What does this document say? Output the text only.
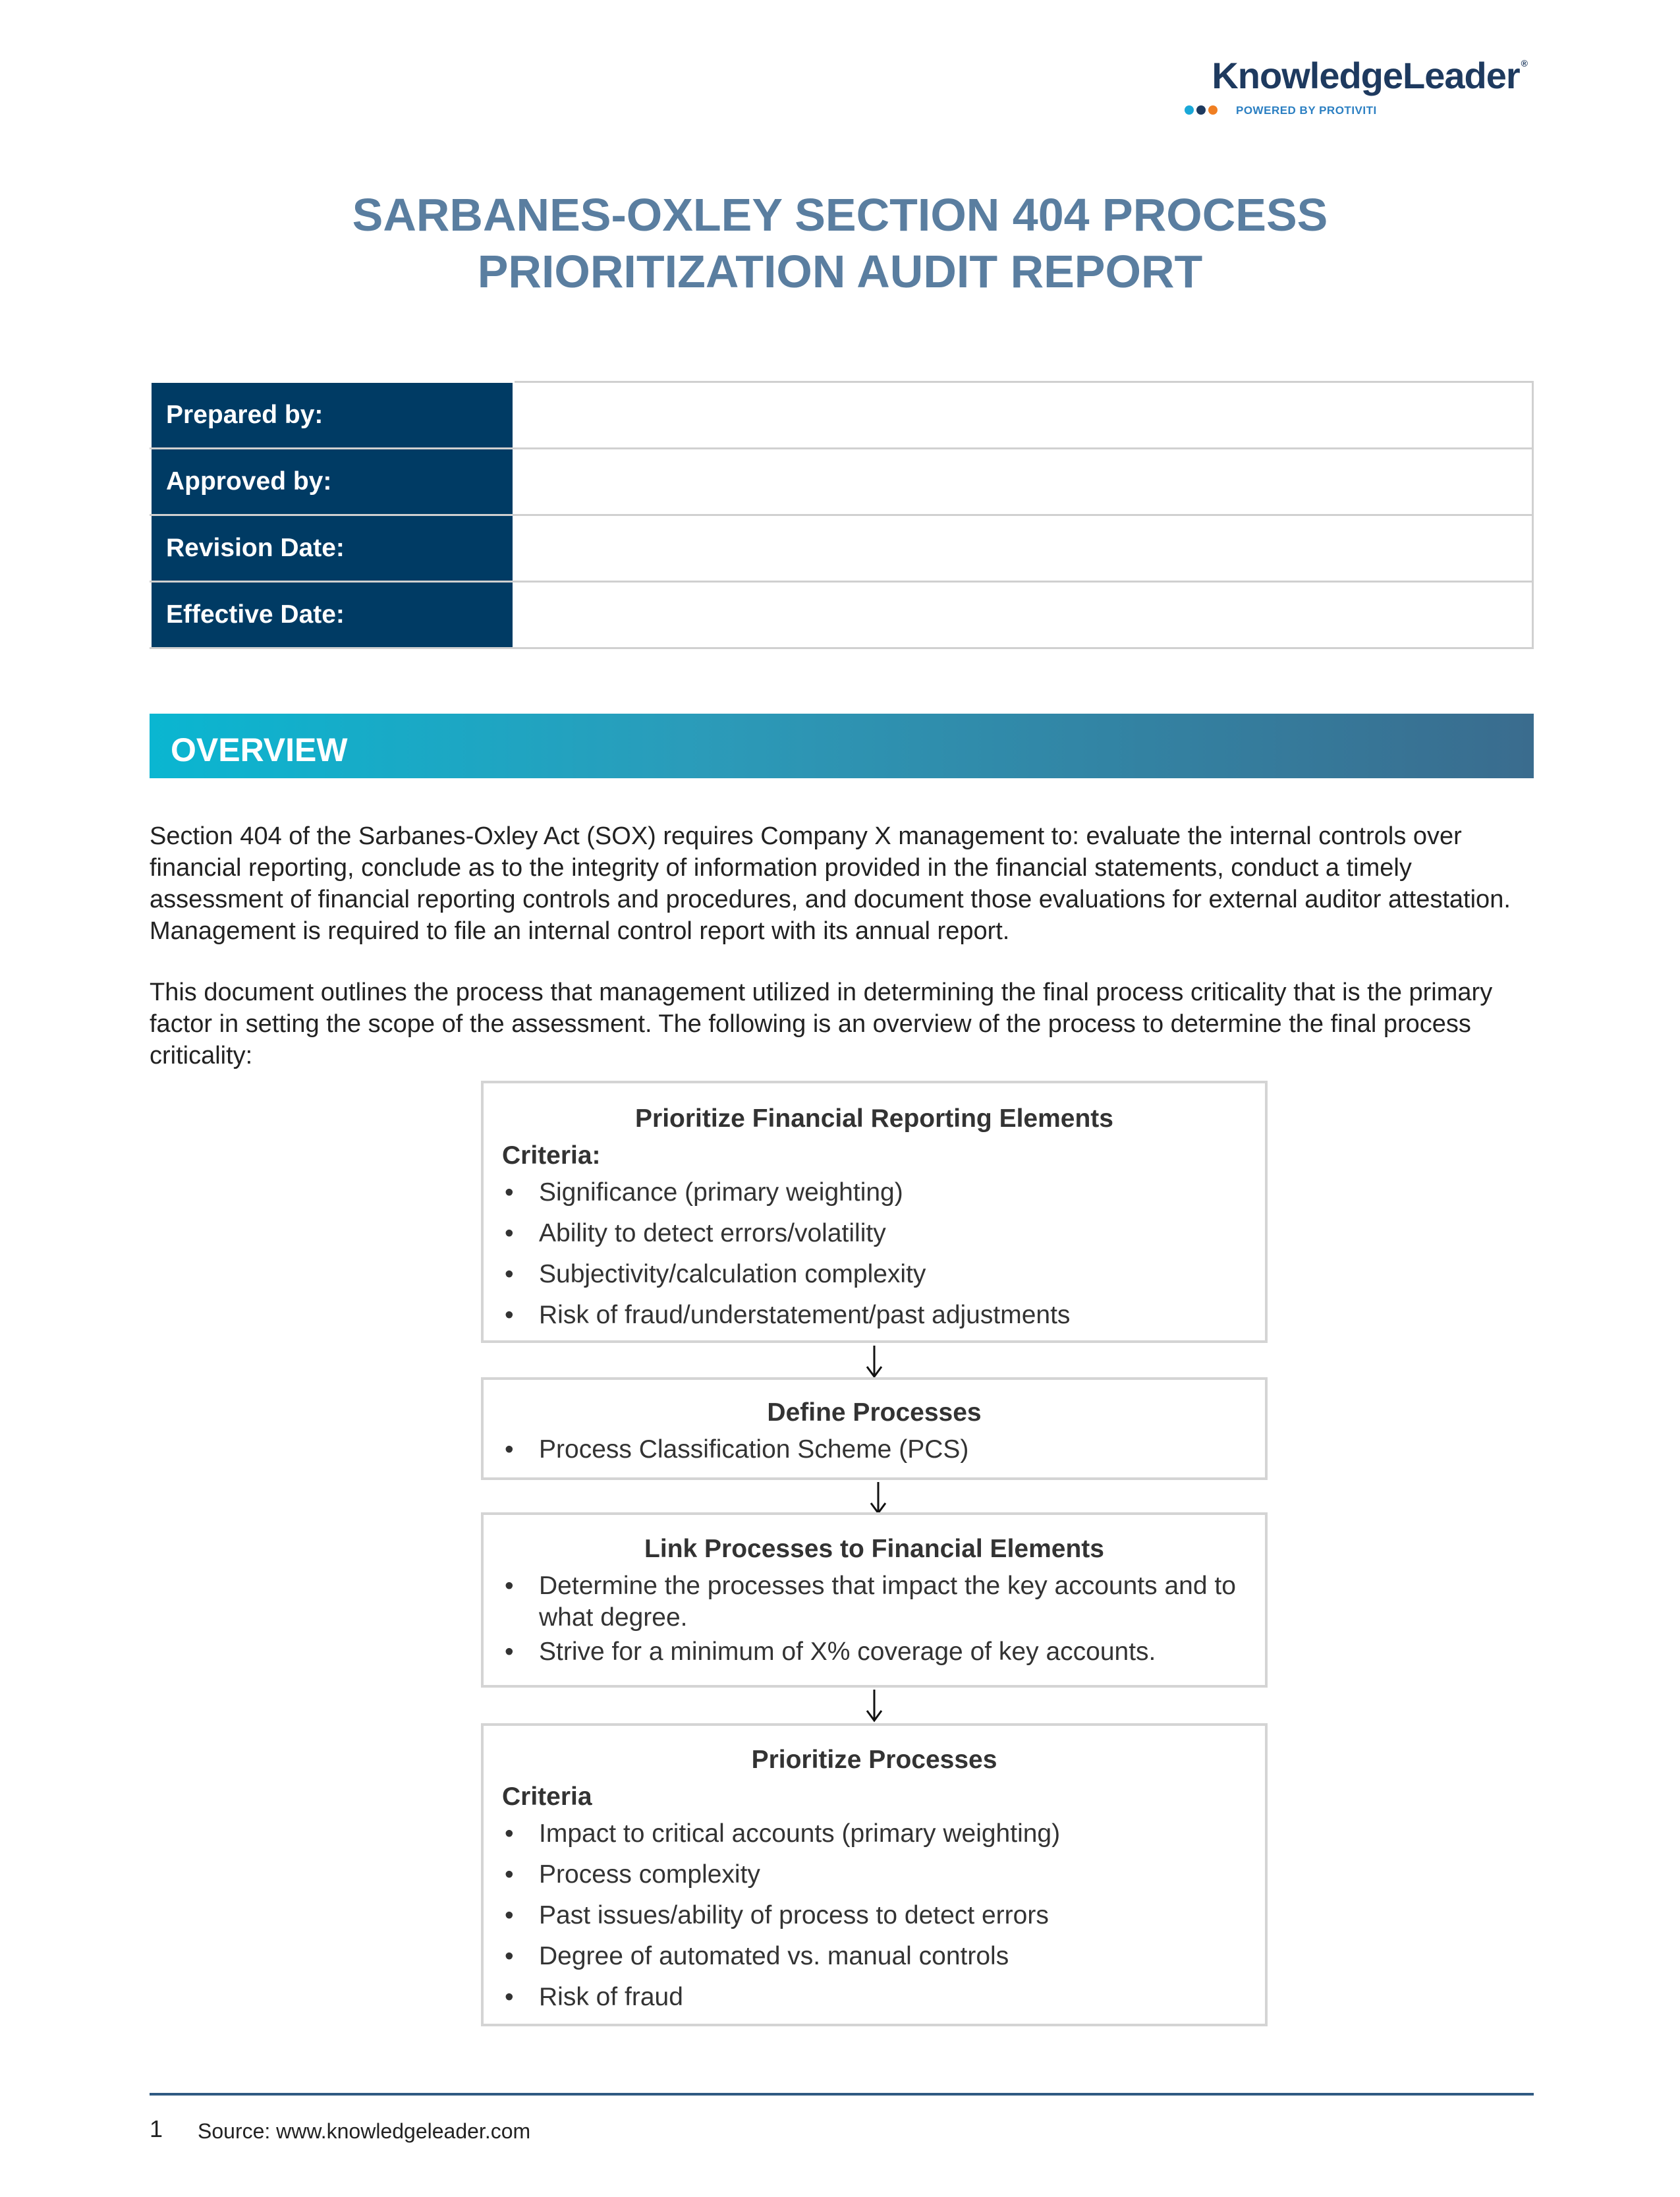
KnowledgeLeader ®
POWERED BY PROTIVITI
SARBANES-OXLEY SECTION 404 PROCESS
PRIORITIZATION AUDIT REPORT
Prepared by:	
Approved by:	
Revision Date:	
Effective Date:	
OVERVIEW

Section 404 of the Sarbanes-Oxley Act (SOX) requires Company X management to: evaluate the internal controls over financial reporting, conclude as to the integrity of information provided in the financial statements, conduct a timely assessment of financial reporting controls and procedures, and document those evaluations for external auditor attestation. Management is required to file an internal control report with its annual report.

This document outlines the process that management utilized in determining the final process criticality that is the primary factor in setting the scope of the assessment. The following is an overview of the process to determine the final process criticality:

Prioritize Financial Reporting Elements
Criteria:
• Significance (primary weighting)
• Ability to detect errors/volatility
• Subjectivity/calculation complexity
• Risk of fraud/understatement/past adjustments
Define Processes
• Process Classification Scheme (PCS)
Link Processes to Financial Elements
• Determine the processes that impact the key accounts and to what degree.
• Strive for a minimum of X% coverage of key accounts.
Prioritize Processes
Criteria
• Impact to critical accounts (primary weighting)
• Process complexity
• Past issues/ability of process to detect errors
• Degree of automated vs. manual controls
• Risk of fraud
1 Source: www.knowledgeleader.com
